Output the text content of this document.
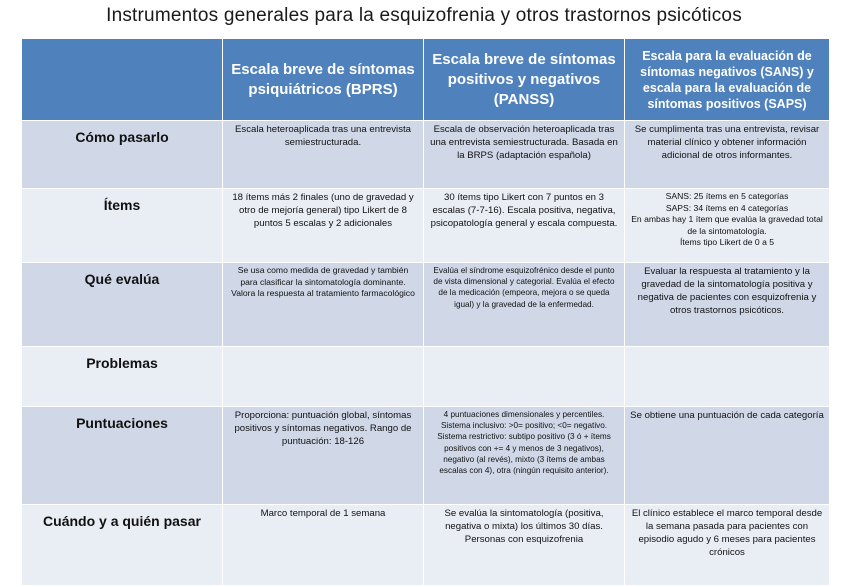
Instrumentos generales para la esquizofrenia y otros trastornos psicóticos
	Escala breve de síntomas psiquiátricos (BPRS)	Escala breve de síntomas positivos y negativos (PANSS)	Escala para la evaluación de síntomas negativos (SANS) y escala para la evaluación de síntomas positivos (SAPS)
Cómo pasarlo	Escala heteroaplicada tras una entrevista semiestructurada.	Escala de observación heteroaplicada tras una entrevista semiestructurada. Basada en la BRPS (adaptación española)	Se cumplimenta tras una entrevista, revisar material clínico y obtener información adicional de otros informantes.
Ítems	18 ítems más 2 finales (uno de gravedad y otro de mejoría general) tipo Likert de 8 puntos 5 escalas y 2 adicionales	30 ítems tipo Likert con 7 puntos en 3 escalas (7-7-16). Escala positiva, negativa, psicopatología general y escala compuesta.	SANS: 25 ítems en 5 categorías
SAPS: 34 ítems en 4 categorías
En ambas hay 1 ítem que evalúa la gravedad total de la sintomatología.
Ítems tipo Likert de 0 a 5
Qué evalúa	Se usa como medida de gravedad y también para clasificar la sintomatología dominante. Valora la respuesta al tratamiento farmacológico	Evalúa el síndrome esquizofrénico desde el punto de vista dimensional y categorial. Evalúa el efecto de la medicación (empeora, mejora o se queda igual) y la gravedad de la enfermedad.	Evaluar la respuesta al tratamiento y la gravedad de la sintomatología positiva y negativa de pacientes con esquizofrenia y otros trastornos psicóticos.
Problemas			
Puntuaciones	Proporciona: puntuación global, síntomas positivos y síntomas negativos. Rango de puntuación: 18-126	4 puntuaciones dimensionales y percentiles. Sistema inclusivo: >0= positivo; <0= negativo. Sistema restrictivo: subtipo positivo (3 ó + ítems positivos con += 4 y menos de 3 negativos), negativo (al revés), mixto (3 ítems de ambas escalas con 4), otra (ningún requisito anterior).	Se obtiene una puntuación de cada categoría
Cuándo y a quién pasar	Marco temporal de 1 semana	Se evalúa la sintomatología (positiva, negativa o mixta) los últimos 30 días. Personas con esquizofrenia	El clínico establece el marco temporal desde la semana pasada para pacientes con episodio agudo y 6 meses para pacientes crónicos
